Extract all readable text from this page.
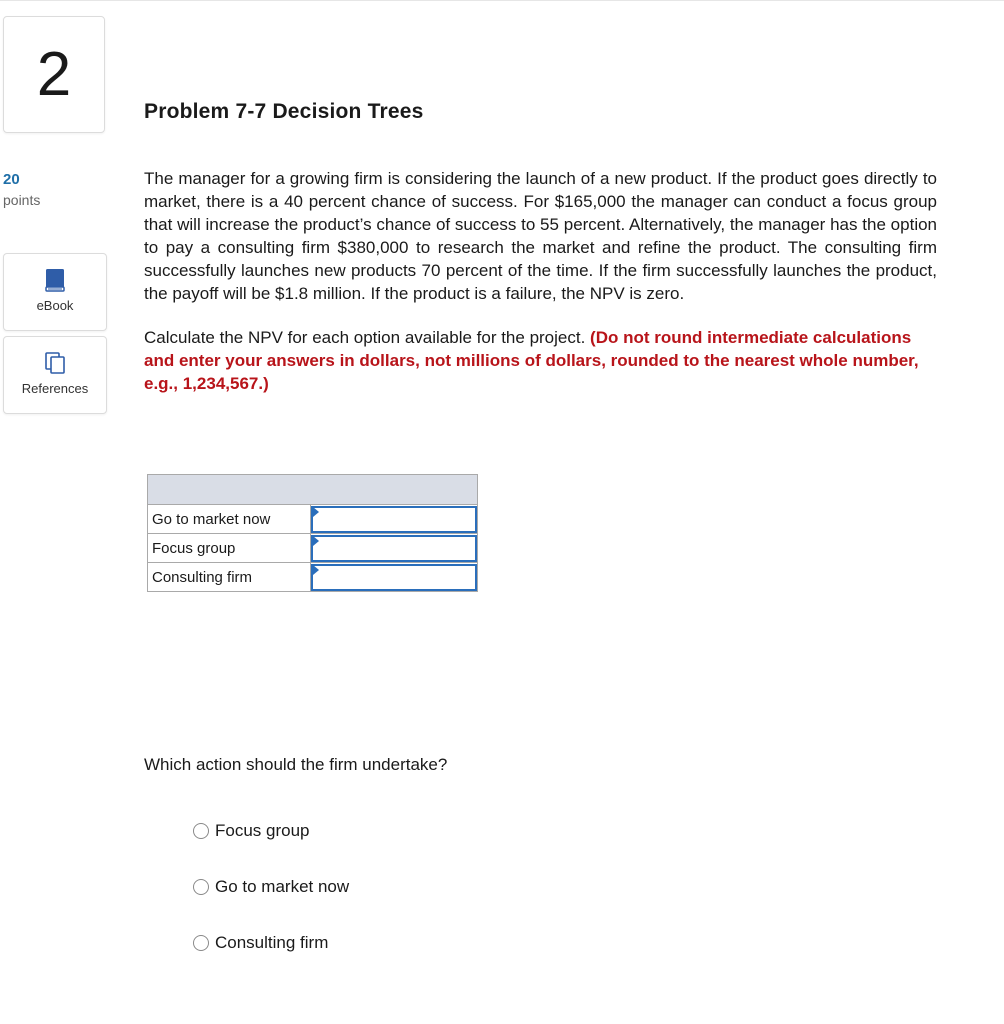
2
20
points
eBook
References
Problem 7-7 Decision Trees
The manager for a growing firm is considering the launch of a new product. If the product goes directly to market, there is a 40 percent chance of success. For $165,000 the manager can conduct a focus group that will increase the product’s chance of success to 55 percent. Alternatively, the manager has the option to pay a consulting firm $380,000 to research the market and refine the product. The consulting firm successfully launches new products 70 percent of the time. If the firm successfully launches the product, the payoff will be $1.8 million. If the product is a failure, the NPV is zero.
Calculate the NPV for each option available for the project. (Do not round intermediate calculations and enter your answers in dollars, not millions of dollars, rounded to the nearest whole number, e.g., 1,234,567.)

Go to market now	

Focus group	

Consulting firm	
Which action should the firm undertake?
Focus group
Go to market now
Consulting firm
